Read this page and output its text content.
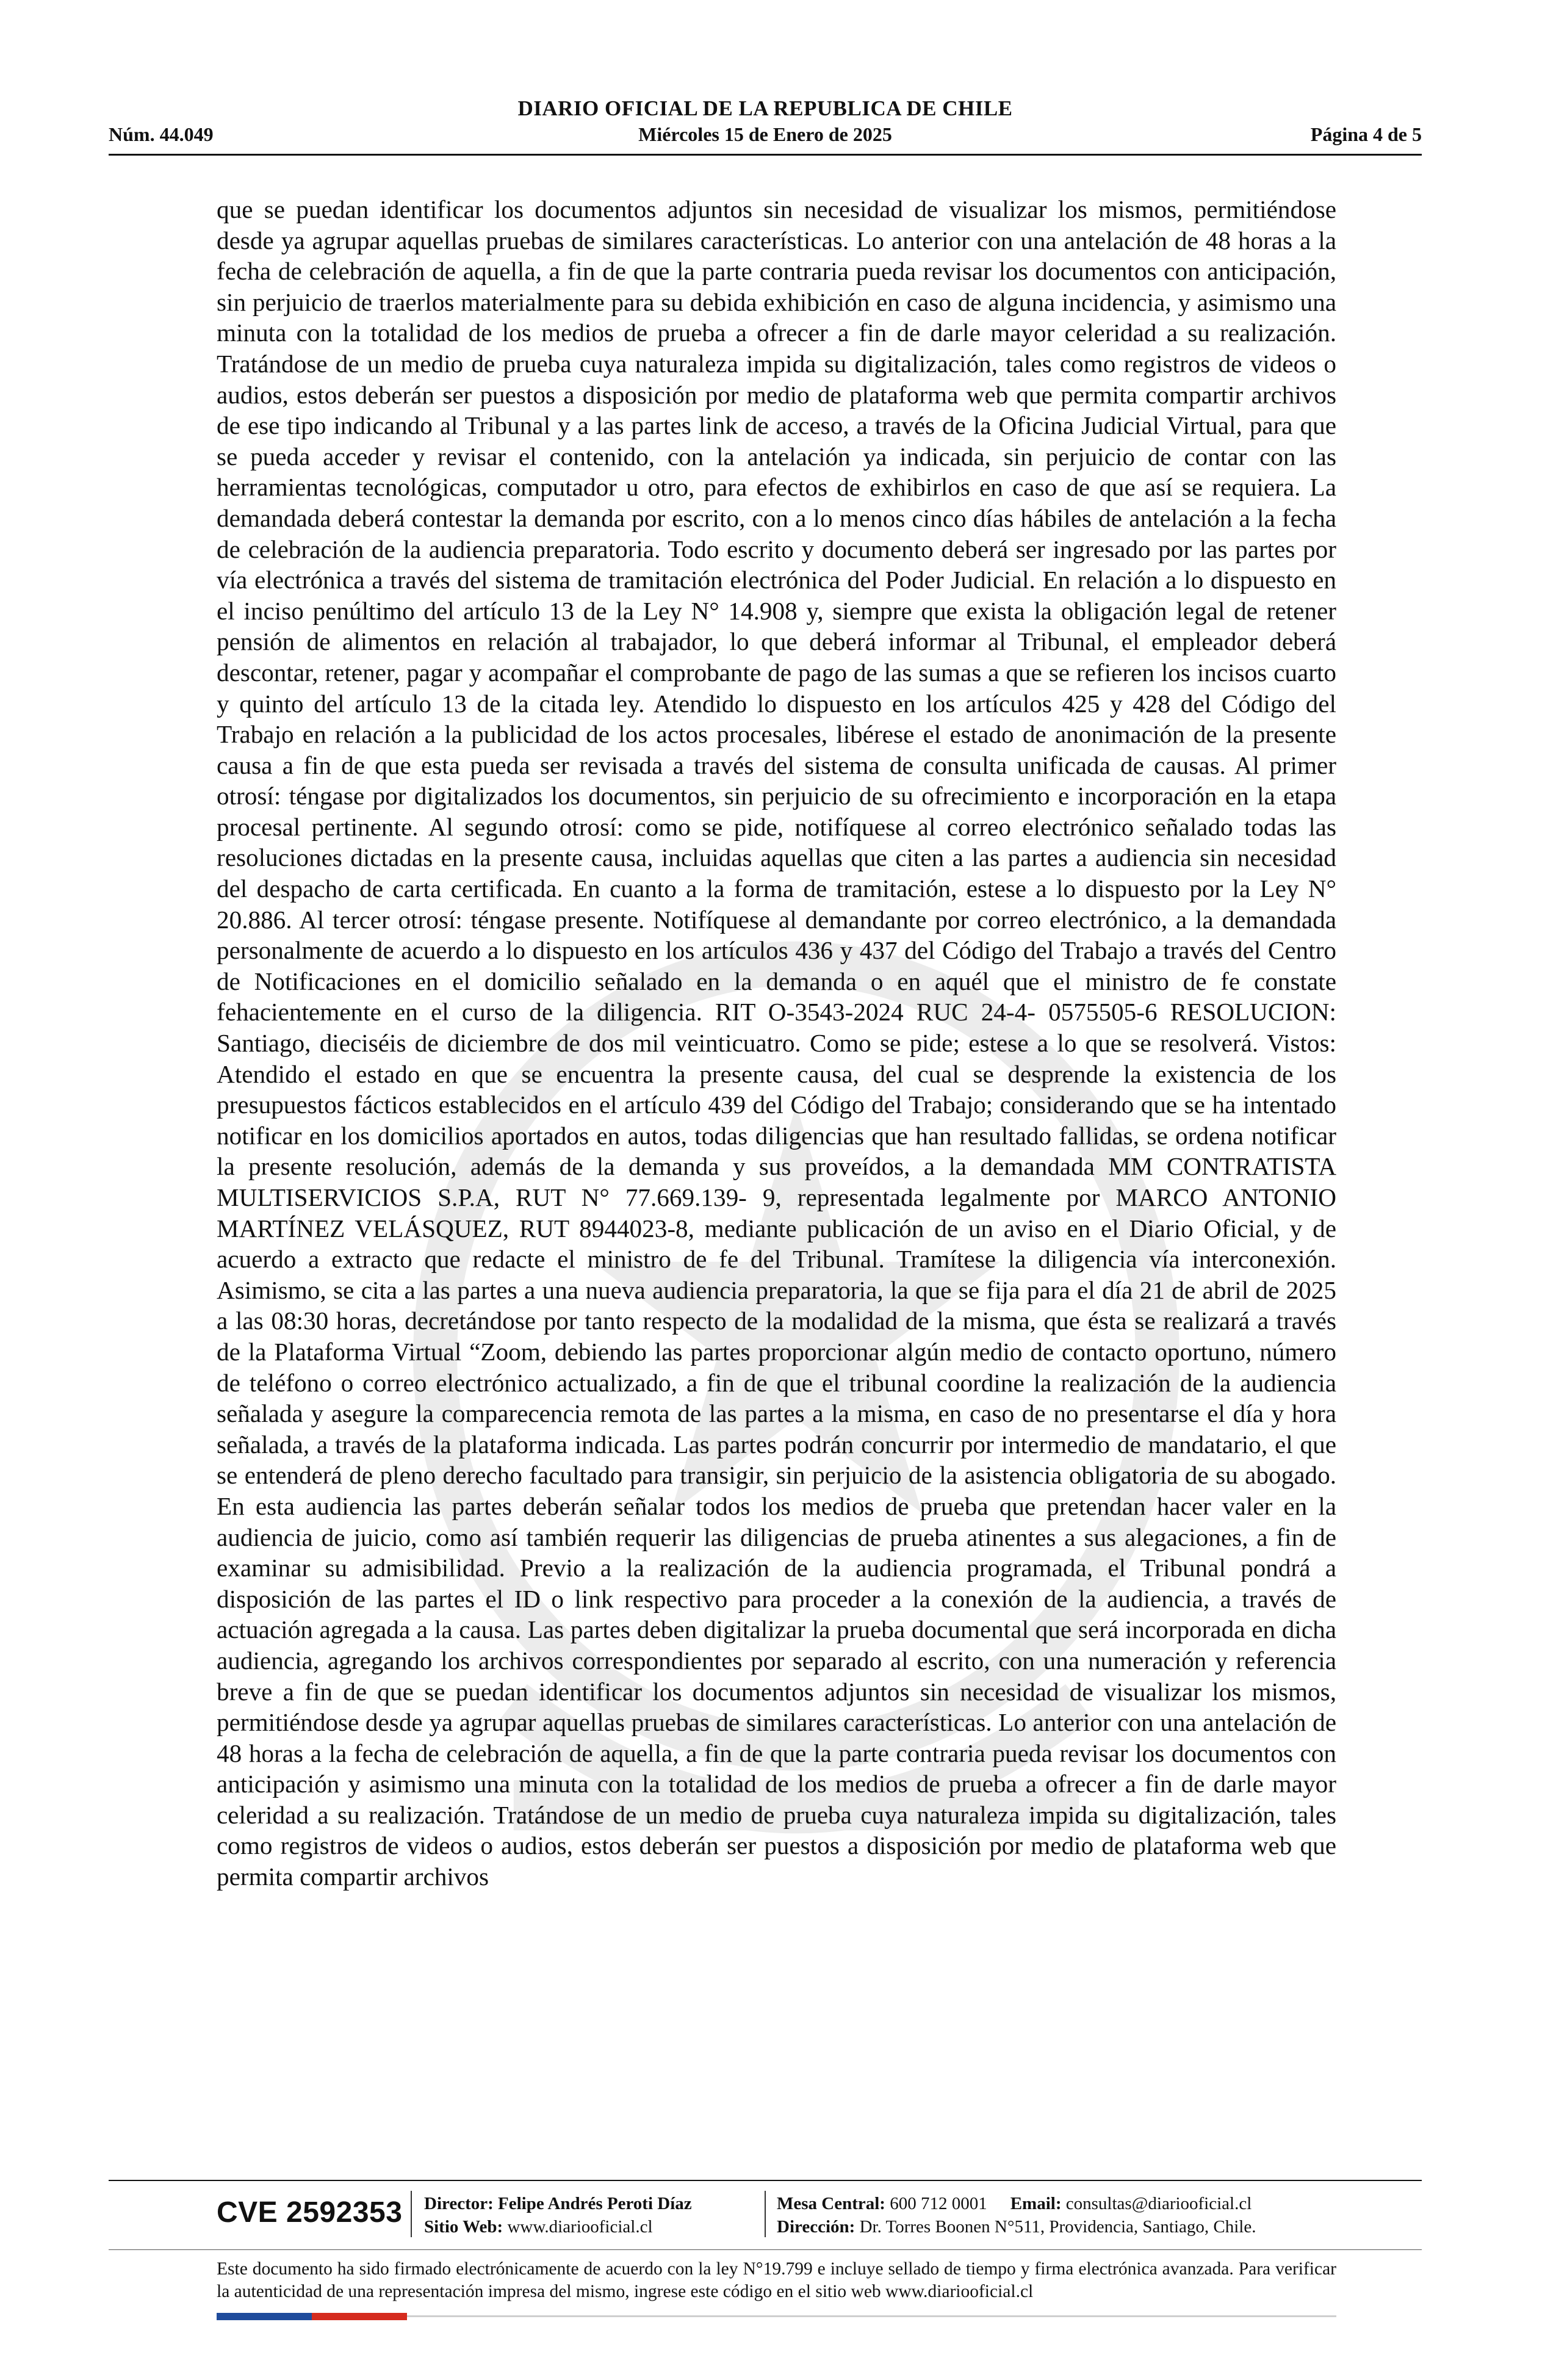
DIARIO OFICIAL DE LA REPUBLICA DE CHILE
Núm. 44.049	Miércoles 15 de Enero de 2025	Página 4 de 5
que se puedan identificar los documentos adjuntos sin necesidad de visualizar los mismos, permitiéndose desde ya agrupar aquellas pruebas de similares características. Lo anterior con una antelación de 48 horas a la fecha de celebración de aquella, a fin de que la parte contraria pueda revisar los documentos con anticipación, sin perjuicio de traerlos materialmente para su debida exhibición en caso de alguna incidencia, y asimismo una minuta con la totalidad de los medios de prueba a ofrecer a fin de darle mayor celeridad a su realización. Tratándose de un medio de prueba cuya naturaleza impida su digitalización, tales como registros de videos o audios, estos deberán ser puestos a disposición por medio de plataforma web que permita compartir archivos de ese tipo indicando al Tribunal y a las partes link de acceso, a través de la Oficina Judicial Virtual, para que se pueda acceder y revisar el contenido, con la antelación ya indicada, sin perjuicio de contar con las herramientas tecnológicas, computador u otro, para efectos de exhibirlos en caso de que así se requiera. La demandada deberá contestar la demanda por escrito, con a lo menos cinco días hábiles de antelación a la fecha de celebración de la audiencia preparatoria. Todo escrito y documento deberá ser ingresado por las partes por vía electrónica a través del sistema de tramitación electrónica del Poder Judicial. En relación a lo dispuesto en el inciso penúltimo del artículo 13 de la Ley N° 14.908 y, siempre que exista la obligación legal de retener pensión de alimentos en relación al trabajador, lo que deberá informar al Tribunal, el empleador deberá descontar, retener, pagar y acompañar el comprobante de pago de las sumas a que se refieren los incisos cuarto y quinto del artículo 13 de la citada ley. Atendido lo dispuesto en los artículos 425 y 428 del Código del Trabajo en relación a la publicidad de los actos procesales, libérese el estado de anonimación de la presente causa a fin de que esta pueda ser revisada a través del sistema de consulta unificada de causas. Al primer otrosí: téngase por digitalizados los documentos, sin perjuicio de su ofrecimiento e incorporación en la etapa procesal pertinente. Al segundo otrosí: como se pide, notifíquese al correo electrónico señalado todas las resoluciones dictadas en la presente causa, incluidas aquellas que citen a las partes a audiencia sin necesidad del despacho de carta certificada. En cuanto a la forma de tramitación, estese a lo dispuesto por la Ley N° 20.886. Al tercer otrosí: téngase presente. Notifíquese al demandante por correo electrónico, a la demandada personalmente de acuerdo a lo dispuesto en los artículos 436 y 437 del Código del Trabajo a través del Centro de Notificaciones en el domicilio señalado en la demanda o en aquél que el ministro de fe constate fehacientemente en el curso de la diligencia. RIT O-3543-2024 RUC 24-4- 0575505-6 RESOLUCION: Santiago, dieciséis de diciembre de dos mil veinticuatro. Como se pide; estese a lo que se resolverá. Vistos: Atendido el estado en que se encuentra la presente causa, del cual se desprende la existencia de los presupuestos fácticos establecidos en el artículo 439 del Código del Trabajo; considerando que se ha intentado notificar en los domicilios aportados en autos, todas diligencias que han resultado fallidas, se ordena notificar la presente resolución, además de la demanda y sus proveídos, a la demandada MM CONTRATISTA MULTISERVICIOS S.P.A, RUT N° 77.669.139- 9, representada legalmente por MARCO ANTONIO MARTÍNEZ VELÁSQUEZ, RUT 8944023-8, mediante publicación de un aviso en el Diario Oficial, y de acuerdo a extracto que redacte el ministro de fe del Tribunal. Tramítese la diligencia vía interconexión. Asimismo, se cita a las partes a una nueva audiencia preparatoria, la que se fija para el día 21 de abril de 2025 a las 08:30 horas, decretándose por tanto respecto de la modalidad de la misma, que ésta se realizará a través de la Plataforma Virtual “Zoom, debiendo las partes proporcionar algún medio de contacto oportuno, número de teléfono o correo electrónico actualizado, a fin de que el tribunal coordine la realización de la audiencia señalada y asegure la comparecencia remota de las partes a la misma, en caso de no presentarse el día y hora señalada, a través de la plataforma indicada. Las partes podrán concurrir por intermedio de mandatario, el que se entenderá de pleno derecho facultado para transigir, sin perjuicio de la asistencia obligatoria de su abogado. En esta audiencia las partes deberán señalar todos los medios de prueba que pretendan hacer valer en la audiencia de juicio, como así también requerir las diligencias de prueba atinentes a sus alegaciones, a fin de examinar su admisibilidad. Previo a la realización de la audiencia programada, el Tribunal pondrá a disposición de las partes el ID o link respectivo para proceder a la conexión de la audiencia, a través de actuación agregada a la causa. Las partes deben digitalizar la prueba documental que será incorporada en dicha audiencia, agregando los archivos correspondientes por separado al escrito, con una numeración y referencia breve a fin de que se puedan identificar los documentos adjuntos sin necesidad de visualizar los mismos, permitiéndose desde ya agrupar aquellas pruebas de similares características. Lo anterior con una antelación de 48 horas a la fecha de celebración de aquella, a fin de que la parte contraria pueda revisar los documentos con anticipación y asimismo una minuta con la totalidad de los medios de prueba a ofrecer a fin de darle mayor celeridad a su realización. Tratándose de un medio de prueba cuya naturaleza impida su digitalización, tales como registros de videos o audios, estos deberán ser puestos a disposición por medio de plataforma web que permita compartir archivos
CVE 2592353 Director: Felipe Andrés Peroti Díaz
Sitio Web: www.diariooficial.cl
Mesa Central: 600 712 0001 Email: consultas@diariooficial.cl
Dirección: Dr. Torres Boonen N°511, Providencia, Santiago, Chile.
Este documento ha sido firmado electrónicamente de acuerdo con la ley N°19.799 e incluye sellado de tiempo y firma electrónica avanzada. Para verificar la autenticidad de una representación impresa del mismo, ingrese este código en el sitio web www.diariooficial.cl
